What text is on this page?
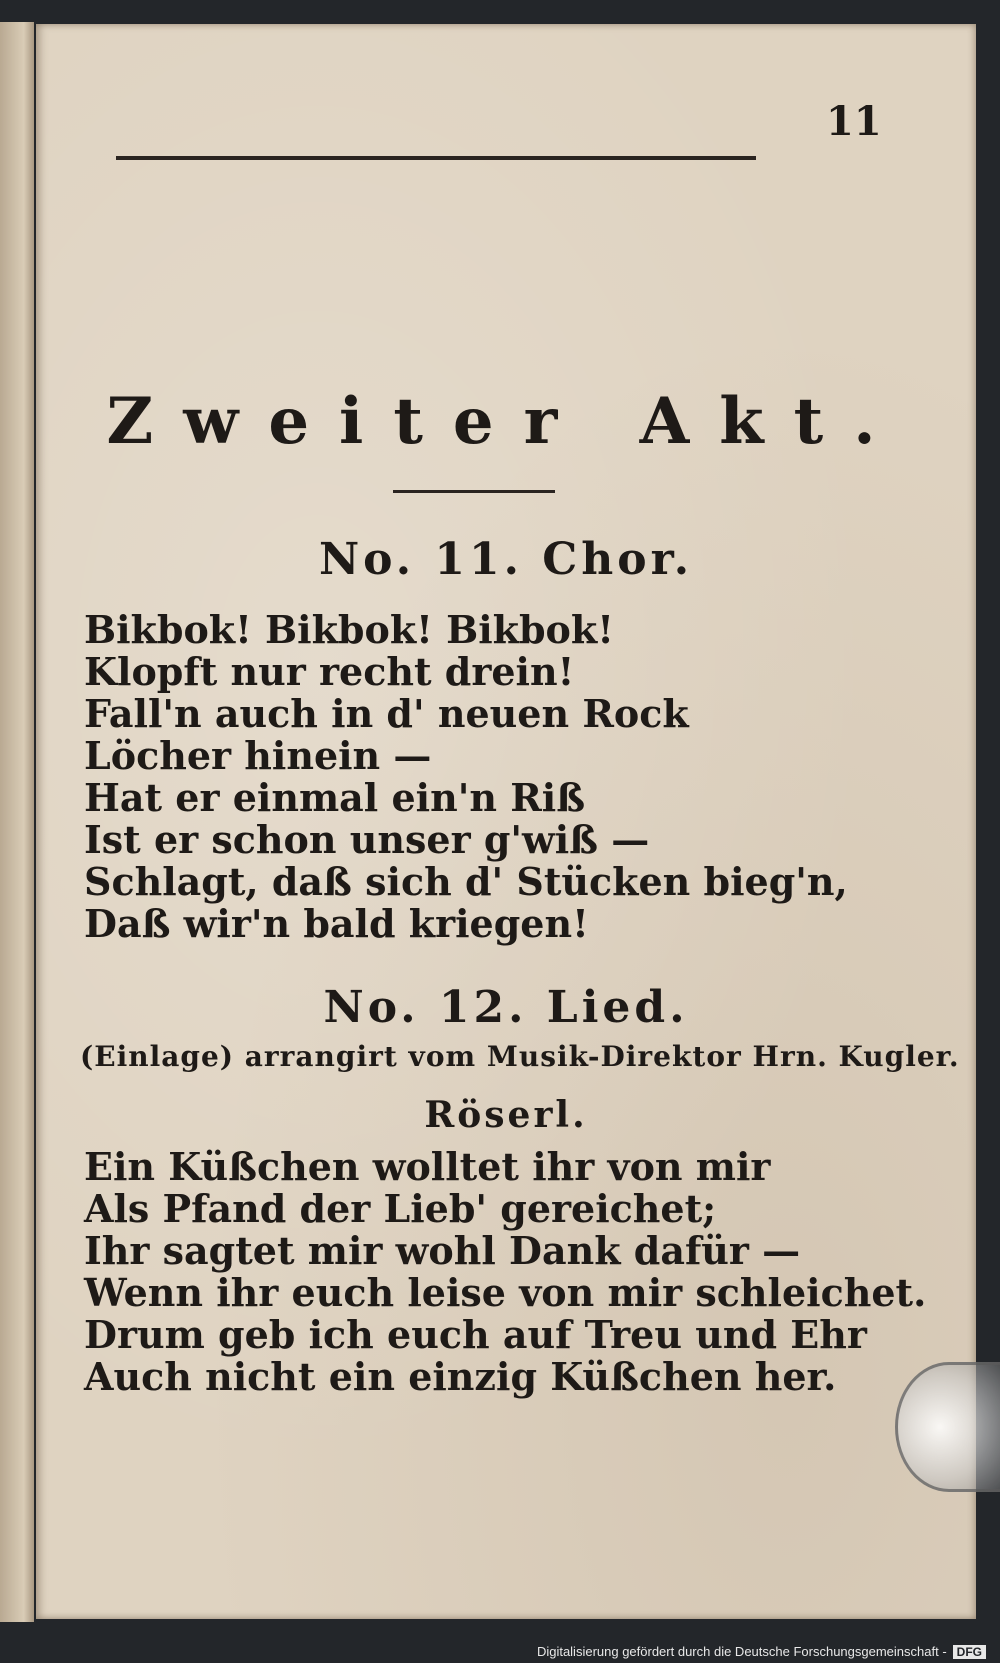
11
Zweiter Akt.
No. 11. Chor.
Bikbok! Bikbok! Bikbok!
Klopft nur recht drein!
Fall'n auch in d' neuen Rock
Löcher hinein —
Hat er einmal ein'n Riß
Ist er schon unser g'wiß —
Schlagt, daß sich d' Stücken bieg'n,
Daß wir'n bald kriegen!
No. 12. Lied.
(Einlage) arrangirt vom Musik-Direktor Hrn. Kugler.
Röserl.
Ein Küßchen wolltet ihr von mir
Als Pfand der Lieb' gereichet;
Ihr sagtet mir wohl Dank dafür —
Wenn ihr euch leise von mir schleichet.
Drum geb ich euch auf Treu und Ehr
Auch nicht ein einzig Küßchen her.
Digitalisierung gefördert durch die Deutsche Forschungsgemeinschaft - DFG
